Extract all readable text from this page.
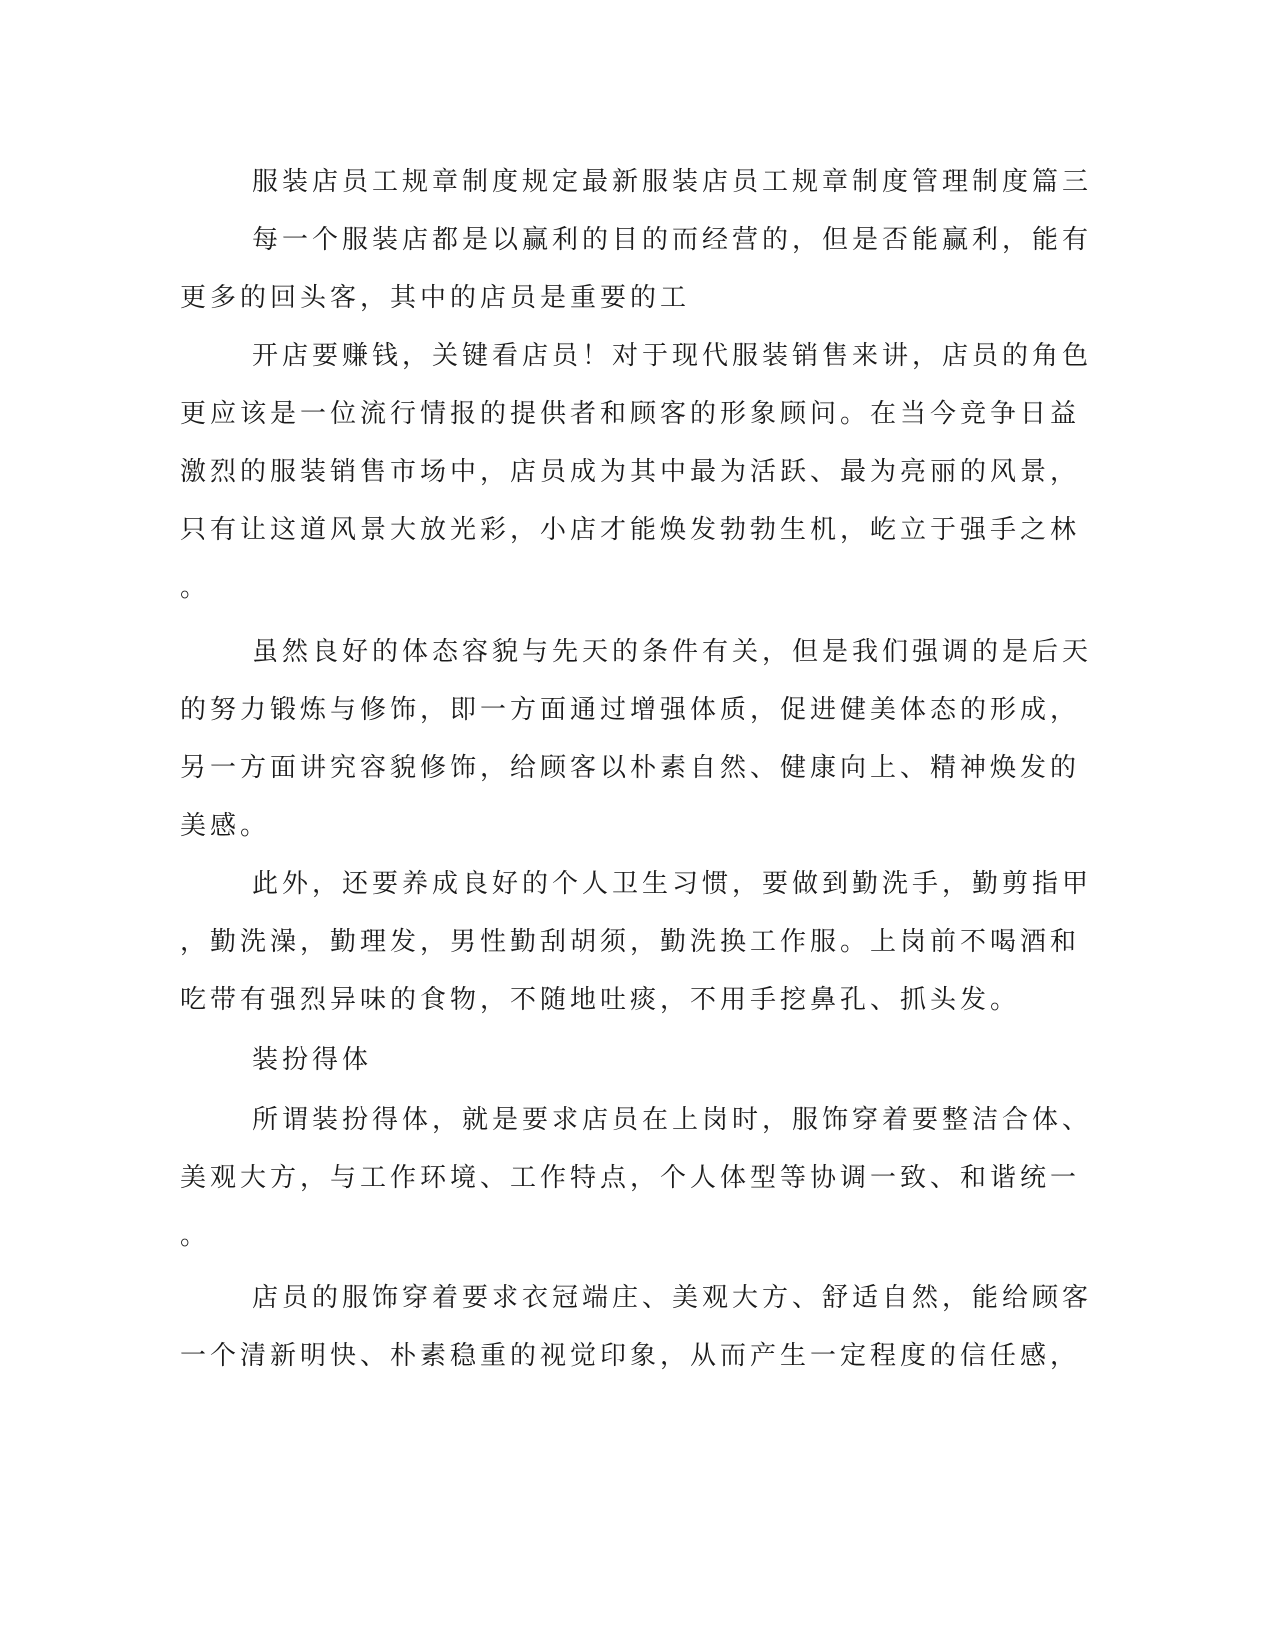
服装店员工规章制度规定最新服装店员工规章制度管理制度篇三
每一个服装店都是以赢利的目的而经营的，但是否能赢利，能有
更多的回头客，其中的店员是重要的工
开店要赚钱，关键看店员！对于现代服装销售来讲，店员的角色
更应该是一位流行情报的提供者和顾客的形象顾问。在当今竞争日益
激烈的服装销售市场中，店员成为其中最为活跃、最为亮丽的风景，
只有让这道风景大放光彩，小店才能焕发勃勃生机，屹立于强手之林
。
虽然良好的体态容貌与先天的条件有关，但是我们强调的是后天
的努力锻炼与修饰，即一方面通过增强体质，促进健美体态的形成，
另一方面讲究容貌修饰，给顾客以朴素自然、健康向上、精神焕发的
美感。
此外，还要养成良好的个人卫生习惯，要做到勤洗手，勤剪指甲
，勤洗澡，勤理发，男性勤刮胡须，勤洗换工作服。上岗前不喝酒和
吃带有强烈异味的食物，不随地吐痰，不用手挖鼻孔、抓头发。
装扮得体
所谓装扮得体，就是要求店员在上岗时，服饰穿着要整洁合体、
美观大方，与工作环境、工作特点，个人体型等协调一致、和谐统一
。
店员的服饰穿着要求衣冠端庄、美观大方、舒适自然，能给顾客
一个清新明快、朴素稳重的视觉印象，从而产生一定程度的信任感，
